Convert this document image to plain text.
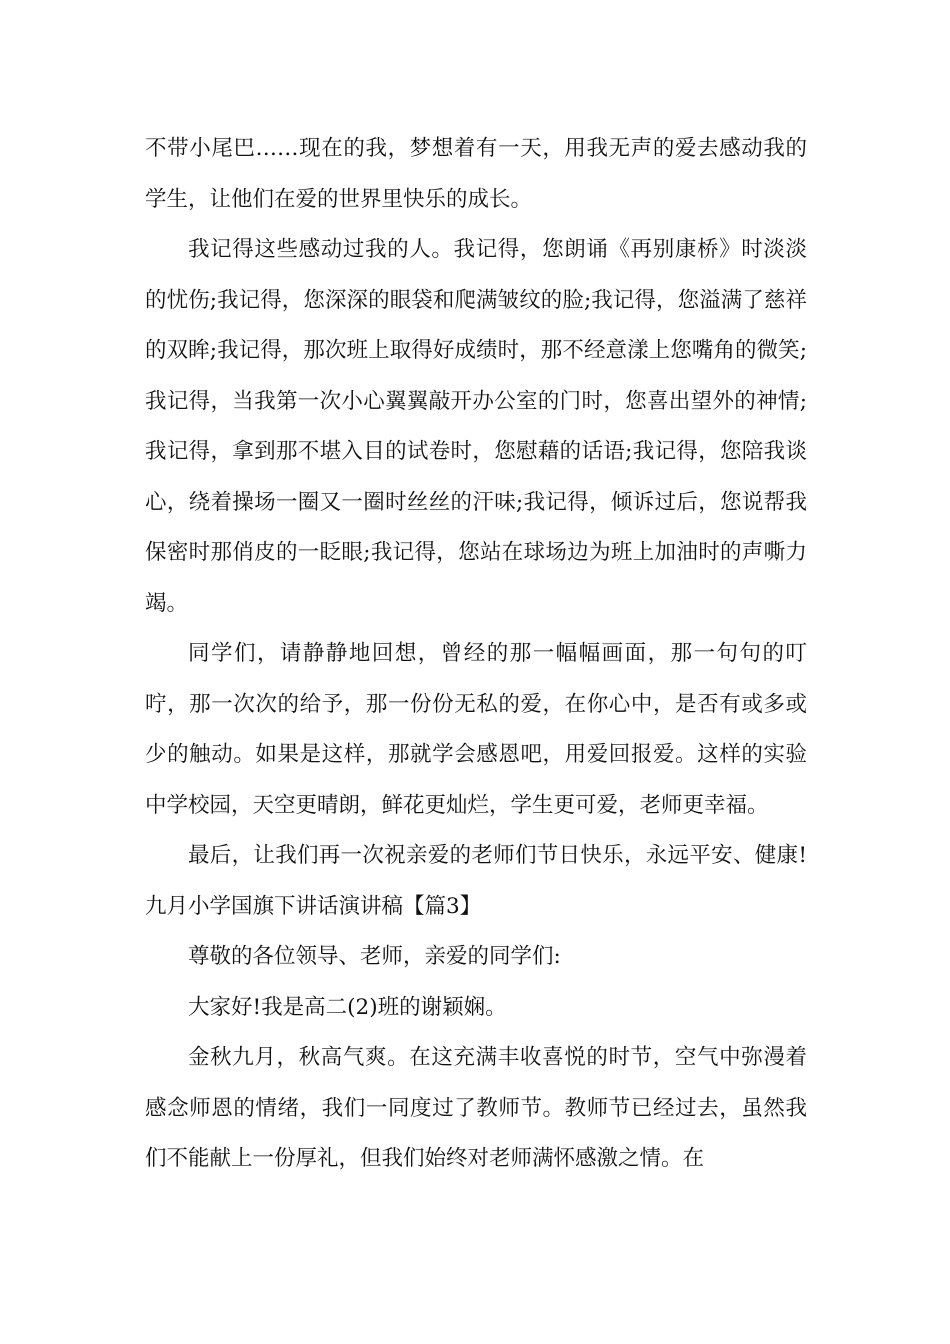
不带小尾巴……现在的我，梦想着有一天，用我无声的爱去感动我的学生，让他们在爱的世界里快乐的成长。

我记得这些感动过我的人。我记得，您朗诵《再别康桥》时淡淡的忧伤;我记得，您深深的眼袋和爬满皱纹的脸;我记得，您溢满了慈祥的双眸;我记得，那次班上取得好成绩时，那不经意漾上您嘴角的微笑;我记得，当我第一次小心翼翼敲开办公室的门时，您喜出望外的神情;我记得，拿到那不堪入目的试卷时，您慰藉的话语;我记得，您陪我谈心，绕着操场一圈又一圈时丝丝的汗味;我记得，倾诉过后，您说帮我保密时那俏皮的一眨眼;我记得，您站在球场边为班上加油时的声嘶力竭。

同学们，请静静地回想，曾经的那一幅幅画面，那一句句的叮咛，那一次次的给予，那一份份无私的爱，在你心中，是否有或多或少的触动。如果是这样，那就学会感恩吧，用爱回报爱。这样的实验中学校园，天空更晴朗，鲜花更灿烂，学生更可爱，老师更幸福。

最后，让我们再一次祝亲爱的老师们节日快乐，永远平安、健康!九月小学国旗下讲话演讲稿【篇3】

尊敬的各位领导、老师，亲爱的同学们:

大家好!我是高二(2)班的谢颖娴。

金秋九月，秋高气爽。在这充满丰收喜悦的时节，空气中弥漫着感念师恩的情绪，我们一同度过了教师节。教师节已经过去，虽然我们不能献上一份厚礼，但我们始终对老师满怀感激之情。在
